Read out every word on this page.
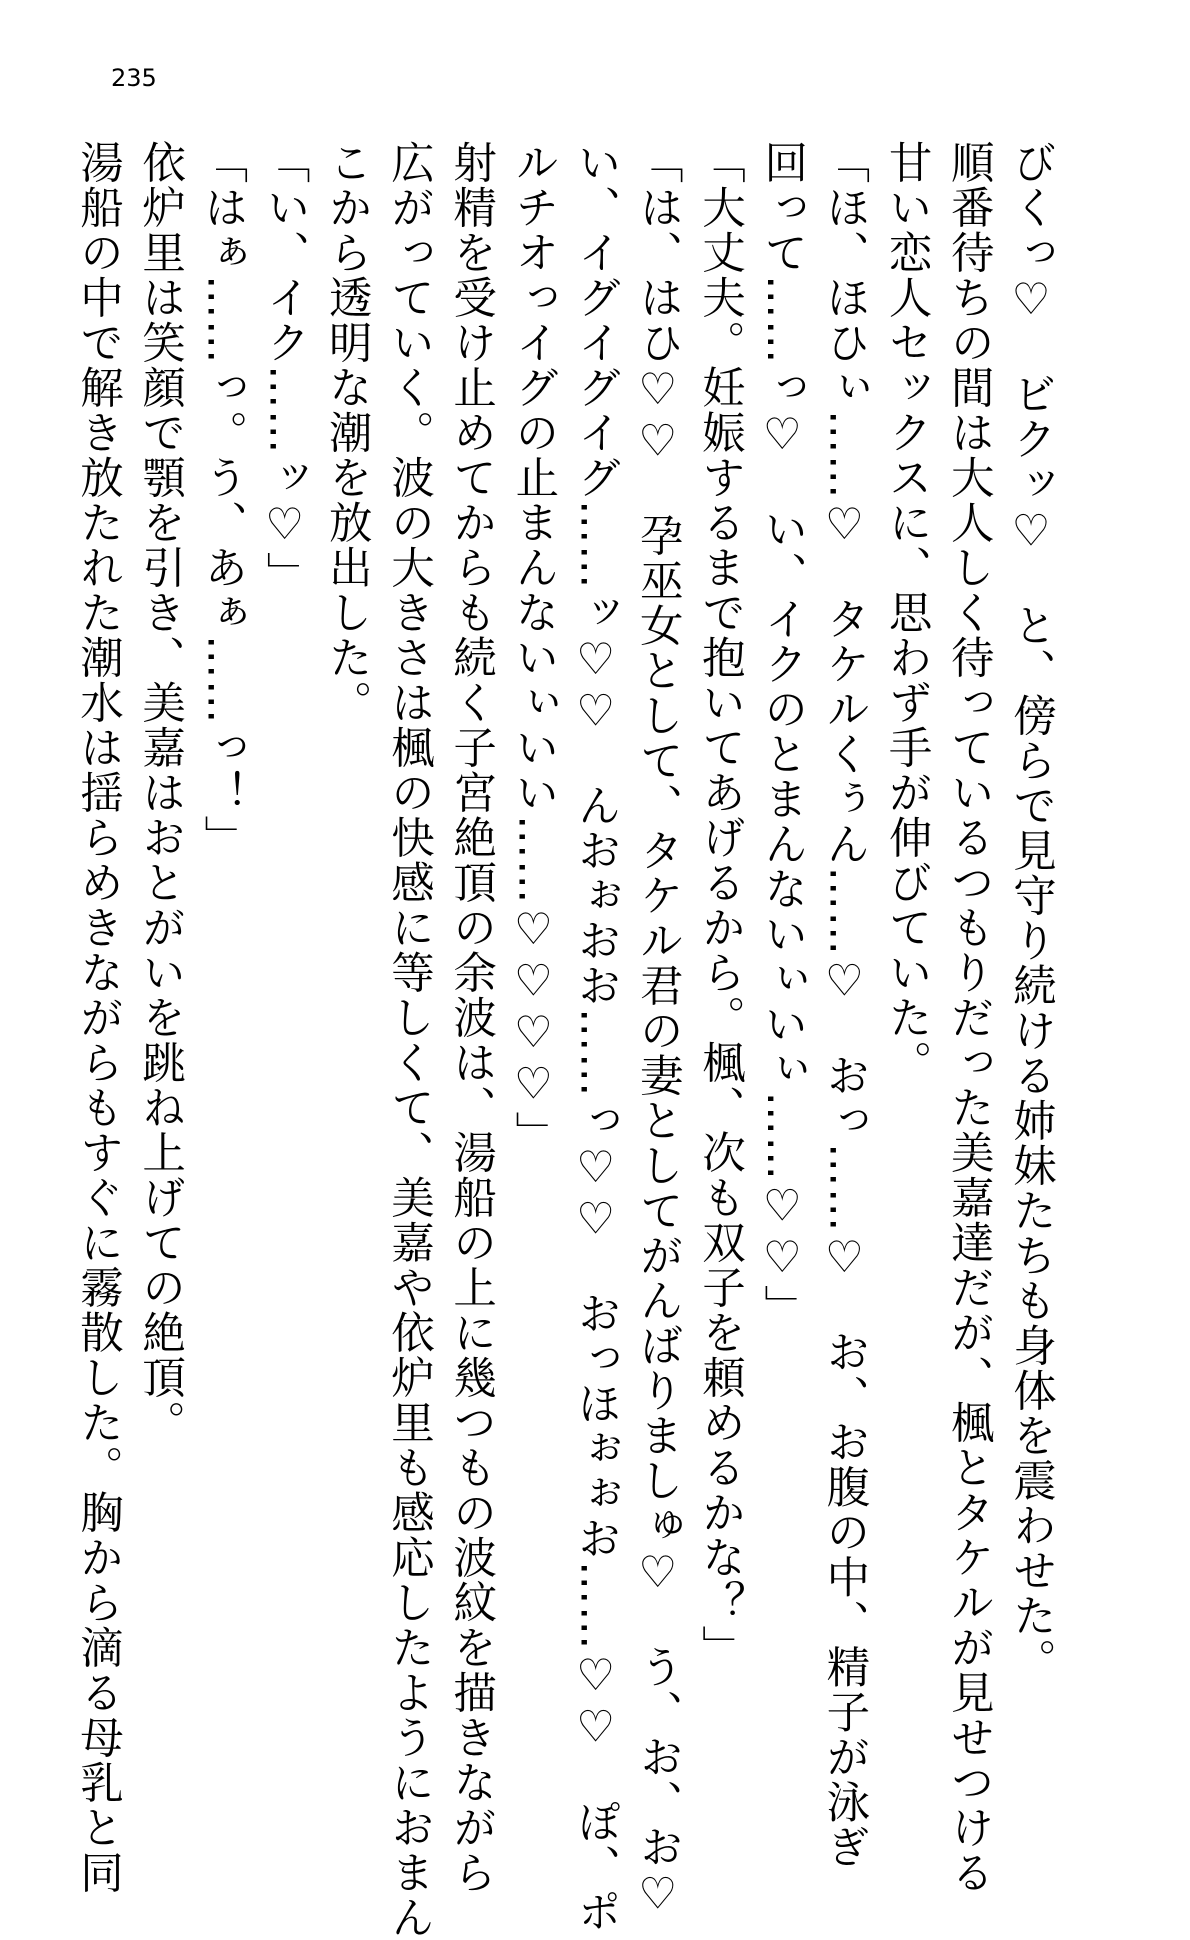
235
びくっ♡　ビクッ♡　と、傍らで見守り続ける姉妹たちも身体を震わせた。
順番待ちの間は大人しく待っているつもりだった美嘉達だが、楓とタケルが見せつける
甘い恋人セックスに、思わず手が伸びていた。
「ほ、ほひぃ……♡　タケルくぅん……♡　おっ……♡　お、お腹の中、精子が泳ぎ
回って……っ♡　い、イクのとまんないぃいぃ……♡♡」
「大丈夫。妊娠するまで抱いてあげるから。楓、次も双子を頼めるかな？」
「は、はひ♡♡　孕巫女として、タケル君の妻としてがんばりましゅ♡　う、お、お♡
い、イグイグイグ……ッ♡♡　んおぉおお……っ♡♡　おっほぉぉお……♡♡　ぽ、ポ
ルチオっイグの止まんないぃいい……♡♡♡♡」
射精を受け止めてからも続く子宮絶頂の余波は、湯船の上に幾つもの波紋を描きながら
広がっていく。波の大きさは楓の快感に等しくて、美嘉や依炉里も感応したようにおまん
こから透明な潮を放出した。
「い、イク……ッ♡」
「はぁ……っ。う、あぁ……っ！」
依炉里は笑顔で顎を引き、美嘉はおとがいを跳ね上げての絶頂。
湯船の中で解き放たれた潮水は揺らめきながらもすぐに霧散した。胸から滴る母乳と同
